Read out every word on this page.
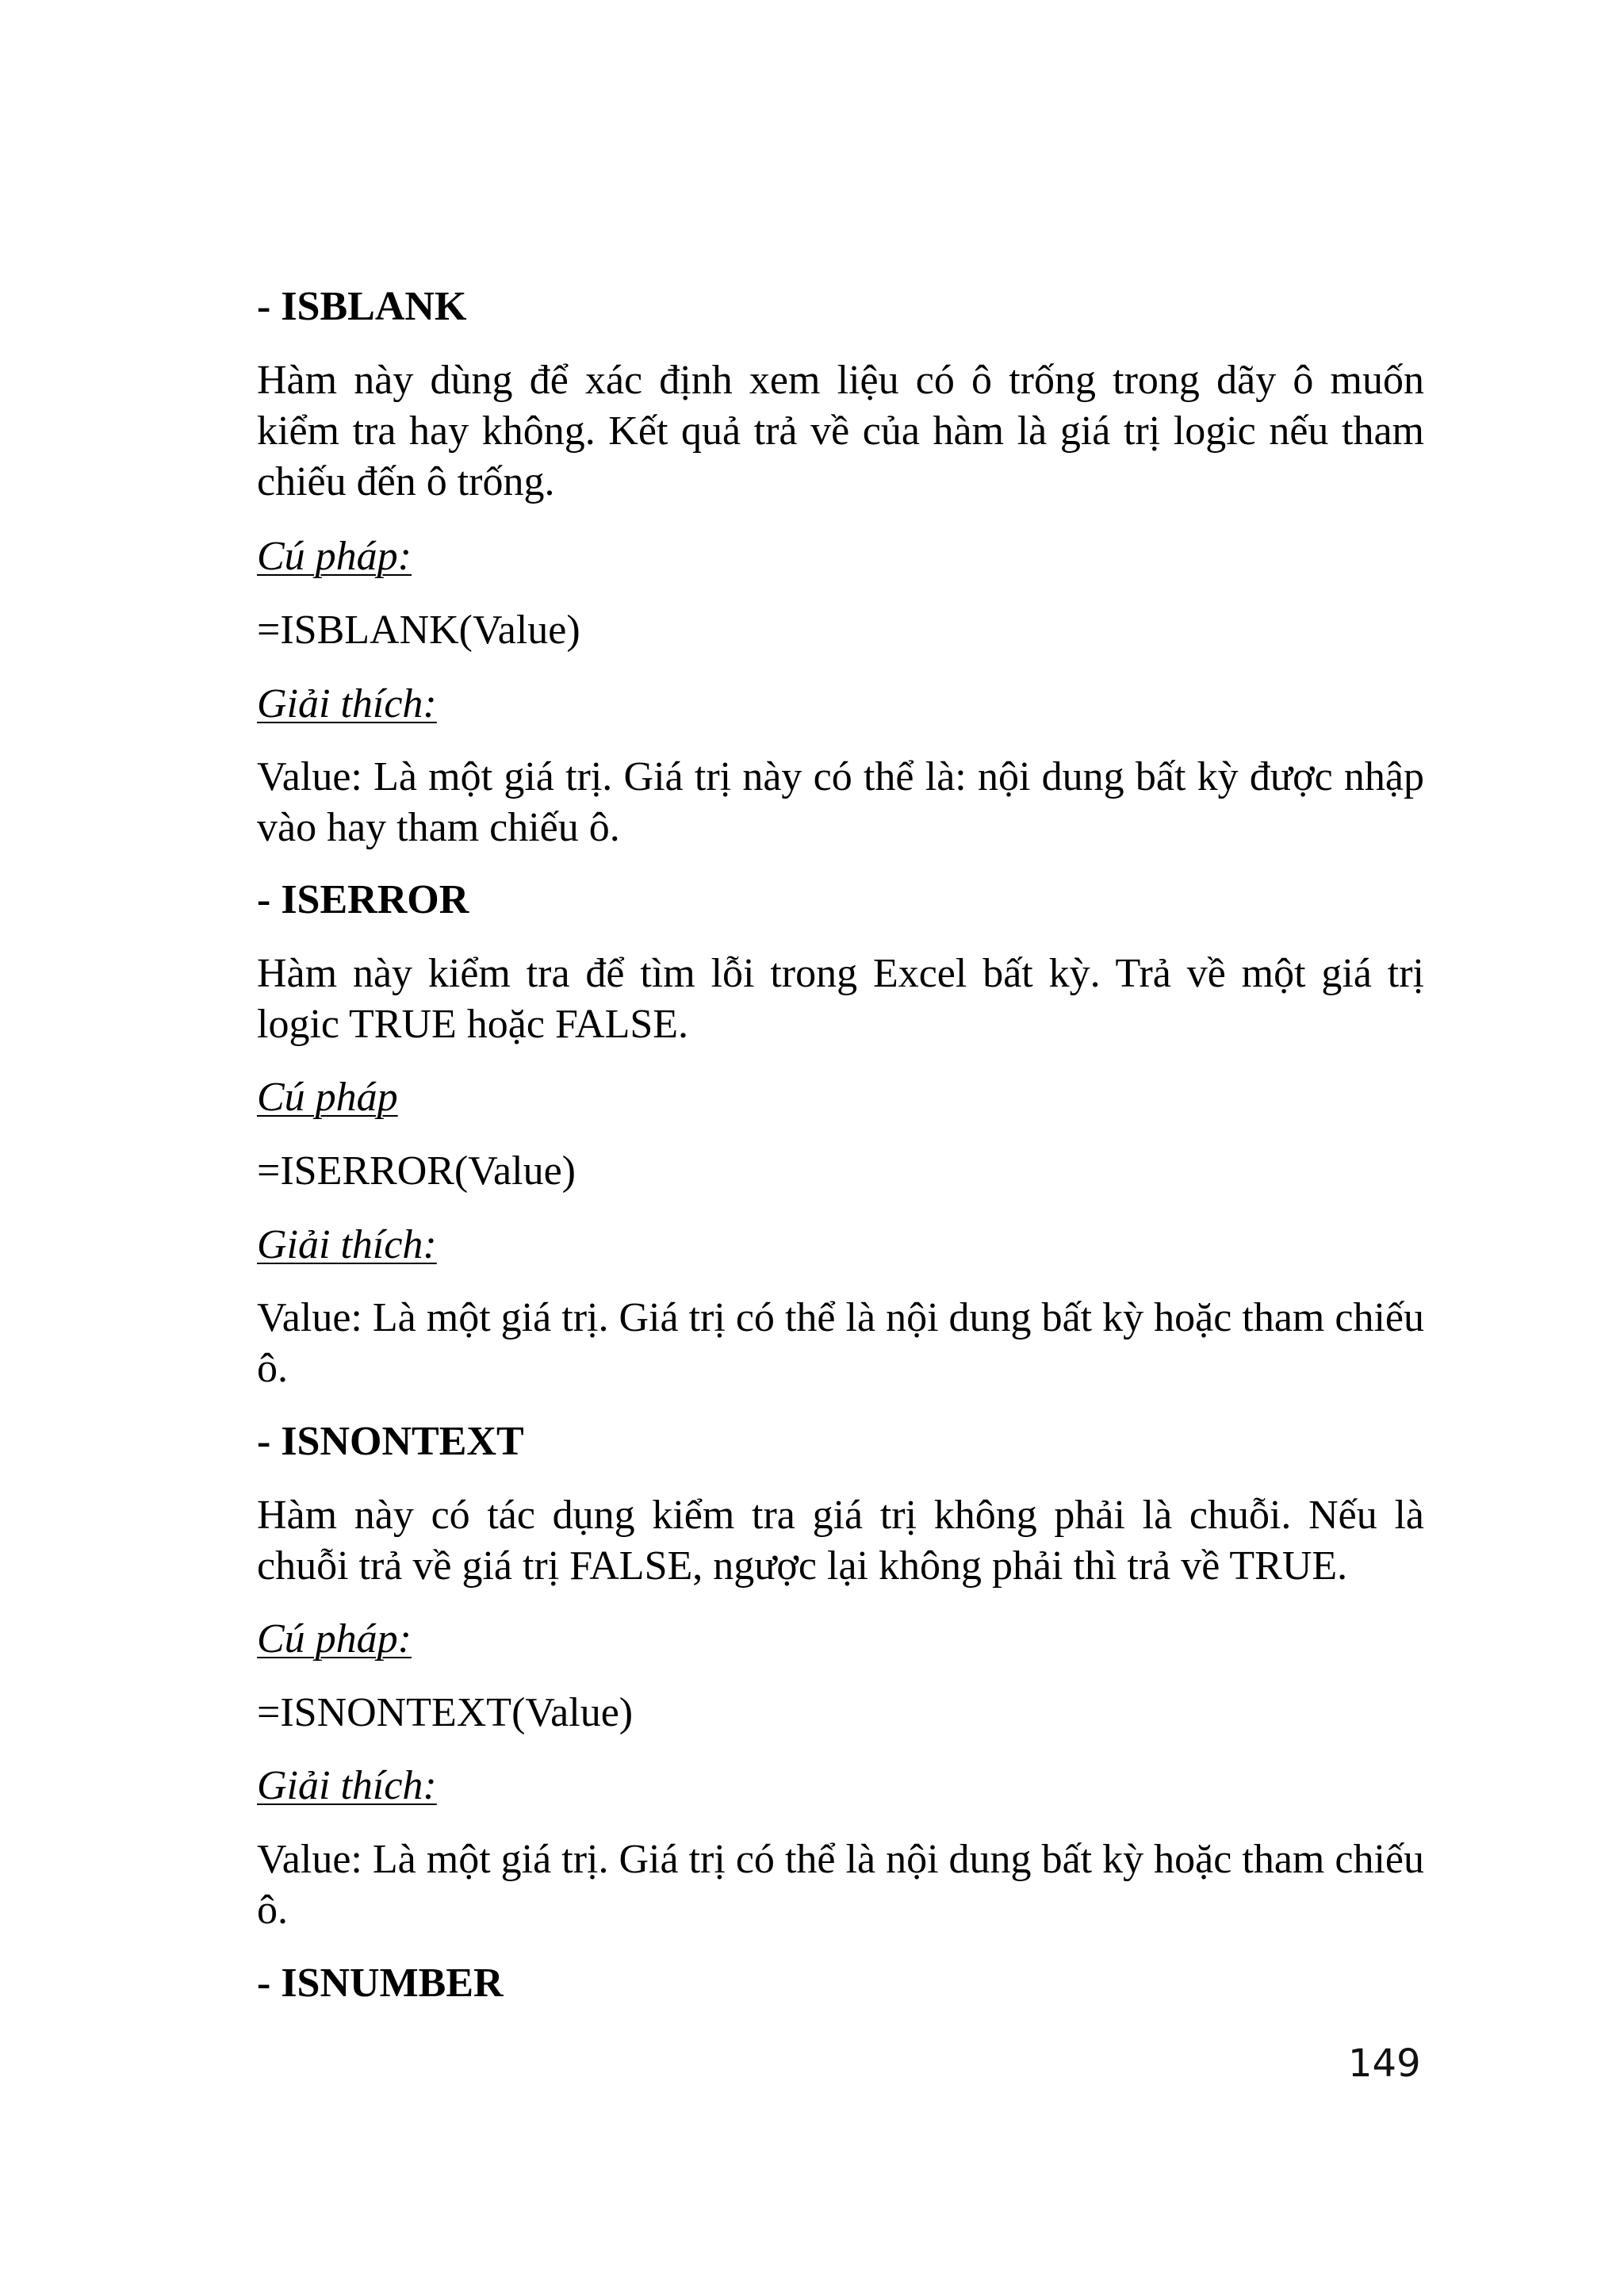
- ISBLANK
Hàm này dùng để xác định xem liệu có ô trống trong dãy ô muốn kiểm tra hay không. Kết quả trả về của hàm là giá trị logic nếu tham chiếu đến ô trống.
Cú pháp:
=ISBLANK(Value)
Giải thích:
Value: Là một giá trị. Giá trị này có thể là: nội dung bất kỳ được nhập vào hay tham chiếu ô.
- ISERROR
Hàm này kiểm tra để tìm lỗi trong Excel bất kỳ. Trả về một giá trị logic TRUE hoặc FALSE.
Cú pháp
=ISERROR(Value)
Giải thích:
Value: Là một giá trị. Giá trị có thể là nội dung bất kỳ hoặc tham chiếu ô.
- ISNONTEXT
Hàm này có tác dụng kiểm tra giá trị không phải là chuỗi. Nếu là chuỗi trả về giá trị FALSE, ngược lại không phải thì trả về TRUE.
Cú pháp:
=ISNONTEXT(Value)
Giải thích:
Value: Là một giá trị. Giá trị có thể là nội dung bất kỳ hoặc tham chiếu ô.
- ISNUMBER
149
